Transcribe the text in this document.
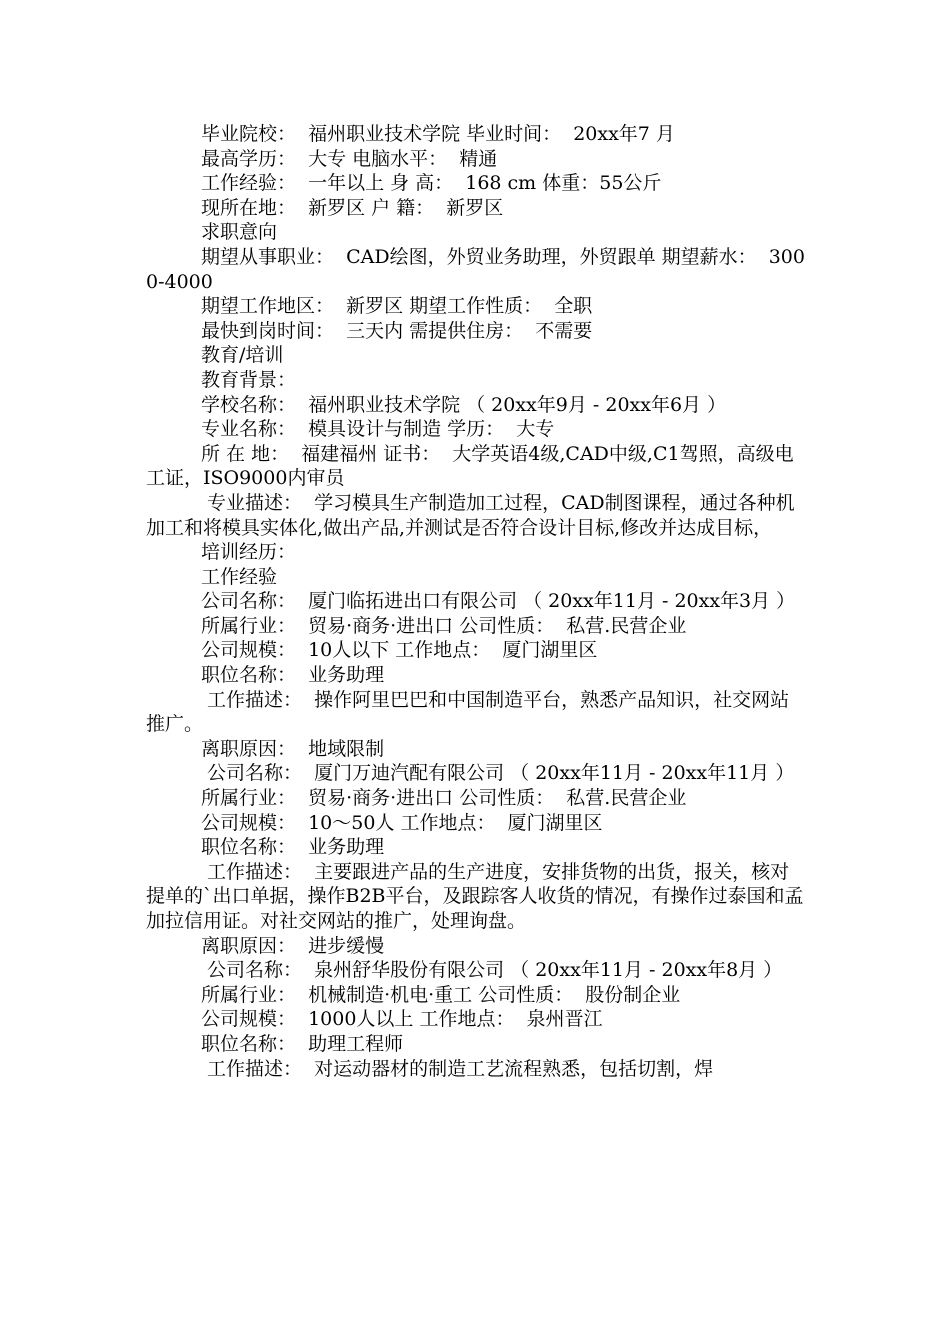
毕业院校：  福州职业技术学院 毕业时间：  20xx年7 月

最高学历：  大专 电脑水平：  精通

工作经验：  一年以上 身 高：  168 cm 体重：55公斤

现所在地：  新罗区 户 籍：  新罗区

求职意向

期望从事职业：  CAD绘图，外贸业务助理，外贸跟单 期望薪水：  3000-4000

期望工作地区：  新罗区 期望工作性质：  全职

最快到岗时间：  三天内 需提供住房：  不需要

教育/培训

教育背景：

学校名称：  福州职业技术学院 （ 20xx年9月 - 20xx年6月 ）

专业名称：  模具设计与制造 学历：  大专

所 在 地：  福建福州 证书：  大学英语4级,CAD中级,C1驾照，高级电工证，ISO9000内审员

专业描述：  学习模具生产制造加工过程，CAD制图课程，通过各种机加工和将模具实体化,做出产品,并测试是否符合设计目标,修改并达成目标，

培训经历：

工作经验

公司名称：  厦门临拓进出口有限公司 （ 20xx年11月 - 20xx年3月 ）

所属行业：  贸易·商务·进出口 公司性质：  私营.民营企业

公司规模：  10人以下 工作地点：  厦门湖里区

职位名称：  业务助理

工作描述：  操作阿里巴巴和中国制造平台，熟悉产品知识，社交网站推广。

离职原因：  地域限制

公司名称：  厦门万迪汽配有限公司 （ 20xx年11月 - 20xx年11月 ）

所属行业：  贸易·商务·进出口 公司性质：  私营.民营企业

公司规模：  10～50人 工作地点：  厦门湖里区

职位名称：  业务助理

工作描述：  主要跟进产品的生产进度，安排货物的出货，报关，核对提单的`出口单据，操作B2B平台，及跟踪客人收货的情况，有操作过泰国和孟加拉信用证。对社交网站的推广，处理询盘。

离职原因：  进步缓慢

公司名称：  泉州舒华股份有限公司 （ 20xx年11月 - 20xx年8月 ）

所属行业：  机械制造·机电·重工 公司性质：  股份制企业

公司规模：  1000人以上 工作地点：  泉州晋江

职位名称：  助理工程师

工作描述：  对运动器材的制造工艺流程熟悉，包括切割，焊
